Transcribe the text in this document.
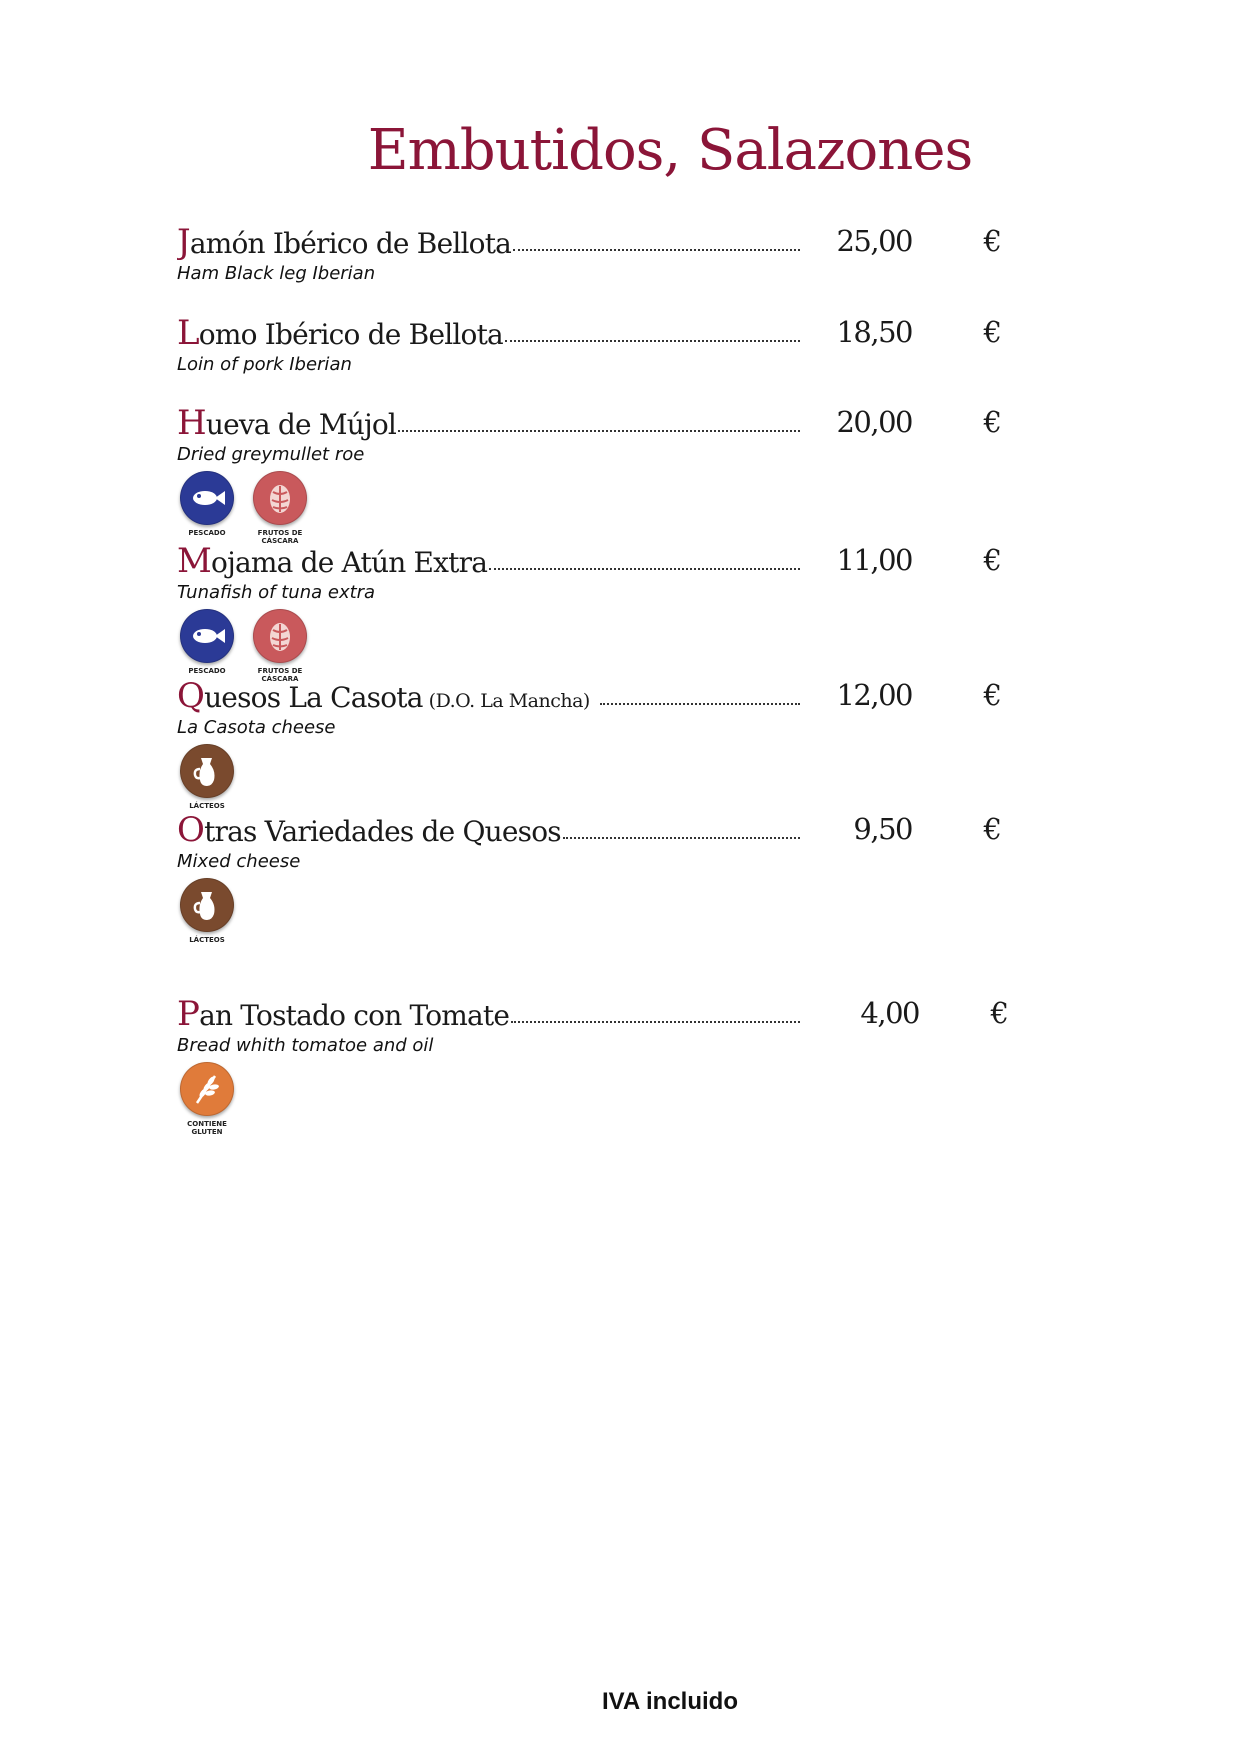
Embutidos, Salazones
J amón Ibérico de Bellota	25,00 €
Ham Black leg Iberian
L omo Ibérico de Bellota	18,50 €
Loin of pork Iberian
H ueva de Mújol	20,00 €
Dried greymullet roe
PESCADO	FRUTOS DE
CÁSCARA
M ojama de Atún Extra	11,00 €
Tunafish of tuna extra
PESCADO	FRUTOS DE
CÁSCARA
Q uesos La Casota (D.O. La Mancha)	12,00 €
La Casota cheese
LÁCTEOS
O tras Variedades de Quesos	9,50 €
Mixed cheese
LÁCTEOS
P an Tostado con Tomate	4,00 €
Bread whith tomatoe and oil
CONTIENE
GLUTEN
IVA incluido
